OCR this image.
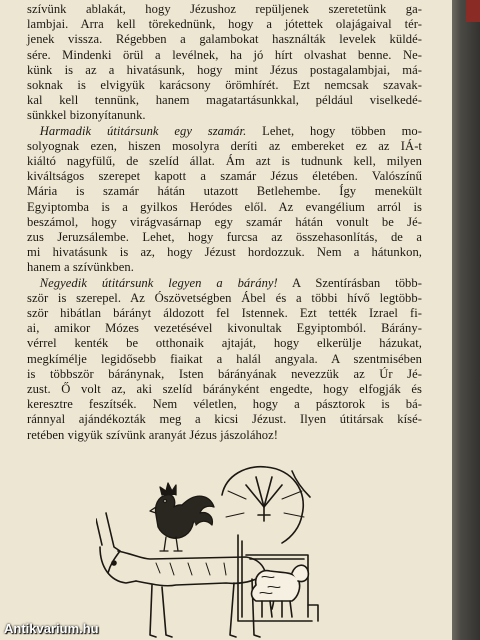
szívünk ablakát, hogy Jézushoz repüljenek szeretetünk ga-
lambjai. Arra kell törekednünk, hogy a jótettek olajágaival tér-
jenek vissza. Régebben a galambokat használták levelek küldé-
sére. Mindenki örül a levélnek, ha jó hírt olvashat benne. Ne-
künk is az a hivatásunk, hogy mint Jézus postagalambjai, má-
soknak is elvigyük karácsony örömhírét. Ezt nemcsak szavak-
kal kell tennünk, hanem magatartásunkkal, például viselkedé-
sünkkel bizonyítanunk.

  Harmadik útitársunk egy szamár. Lehet, hogy többen mo-
solyognak ezen, hiszen mosolyra deríti az embereket ez az IÁ-t
kiáltó nagyfülű, de szelíd állat. Ám azt is tudnunk kell, milyen
kiváltságos szerepet kapott a szamár Jézus életében. Valószínű
Mária is szamár hátán utazott Betlehembe. Így menekült
Egyiptomba is a gyilkos Heródes elől. Az evangélium arról is
beszámol, hogy virágvasárnap egy szamár hátán vonult be Jé-
zus Jeruzsálembe. Lehet, hogy furcsa az összehasonlítás, de a
mi hivatásunk is az, hogy Jézust hordozzuk. Nem a hátunkon,
hanem a szívünkben.

  Negyedik útitársunk legyen a bárány! A Szentírásban több-
ször is szerepel. Az Ószövetségben Ábel és a többi hívő legtöbb-
ször hibátlan bárányt áldozott fel Istennek. Ezt tették Izrael fi-
ai, amikor Mózes vezetésével kivonultak Egyiptomból. Bárány-
vérrel kenték be otthonaik ajtaját, hogy elkerülje házukat,
megkímélje legidősebb fiaikat a halál angyala. A szentmisében
is többször báránynak, Isten bárányának nevezzük az Úr Jé-
zust. Ő volt az, aki szelíd bárányként engedte, hogy elfogják és
keresztre feszítsék. Nem véletlen, hogy a pásztorok is bá-
ránnyal ajándékozták meg a kicsi Jézust. Ilyen útitársak kísé-
retében vigyük szívünk aranyát Jézus jászolához!

Antikvarium.hu
